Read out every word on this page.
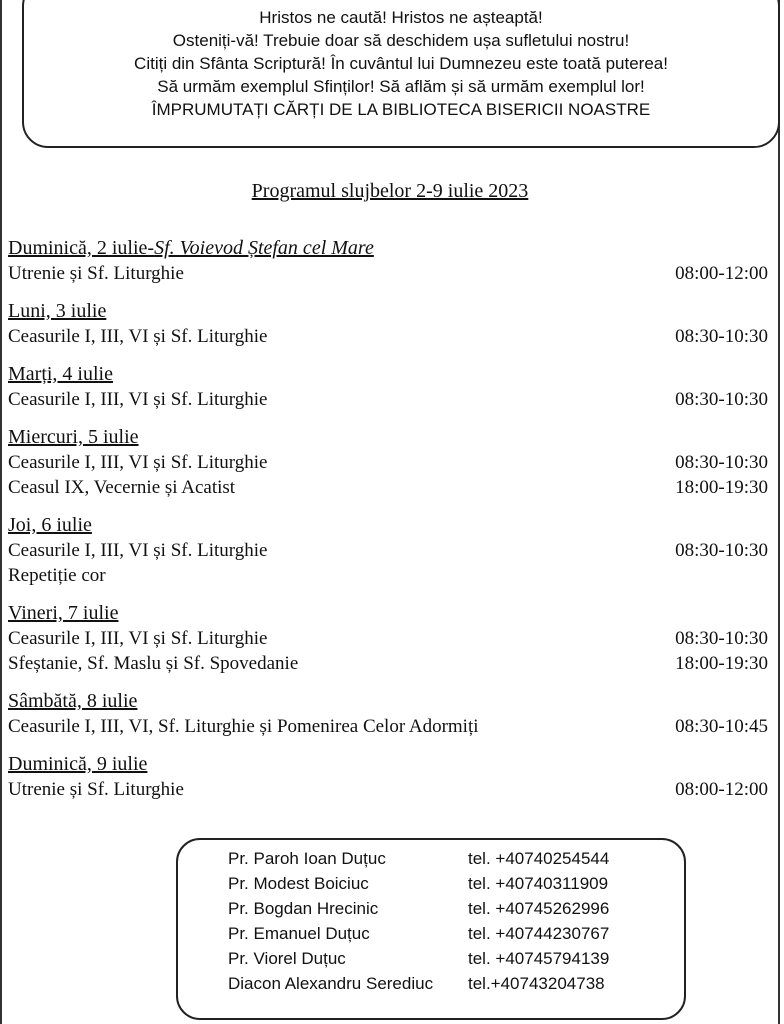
Hristos ne caută! Hristos ne așteaptă!
Osteniți-vă! Trebuie doar să deschidem ușa sufletului nostru!
Citiți din Sfânta Scriptură! În cuvântul lui Dumnezeu este toată puterea!
Să urmăm exemplul Sfinților! Să aflăm și să urmăm exemplul lor!
ÎMPRUMUTAȚI CĂRȚI DE LA BIBLIOTECA BISERICII NOASTRE
Programul slujbelor 2-9 iulie 2023
Duminică, 2 iulie-Sf. Voievod Ștefan cel Mare
Utrenie și Sf. Liturghie	08:00-12:00
Luni, 3 iulie
Ceasurile I, III, VI și Sf. Liturghie	08:30-10:30
Marți, 4 iulie
Ceasurile I, III, VI și Sf. Liturghie	08:30-10:30
Miercuri, 5 iulie
Ceasurile I, III, VI și Sf. Liturghie	08:30-10:30
Ceasul IX, Vecernie și Acatist	18:00-19:30
Joi, 6 iulie
Ceasurile I, III, VI și Sf. Liturghie	08:30-10:30
Repetiție cor
Vineri, 7 iulie
Ceasurile I, III, VI și Sf. Liturghie	08:30-10:30
Sfeștanie, Sf. Maslu și Sf. Spovedanie	18:00-19:30
Sâmbătă, 8 iulie
Ceasurile I, III, VI, Sf. Liturghie și Pomenirea Celor Adormiți	08:30-10:45
Duminică, 9 iulie
Utrenie și Sf. Liturghie	08:00-12:00
Pr. Paroh Ioan Duțuc	tel. +40740254544
Pr. Modest Boiciuc	tel. +40740311909
Pr. Bogdan Hrecinic	tel. +40745262996
Pr. Emanuel Duțuc	tel. +40744230767
Pr. Viorel Duțuc	tel. +40745794139
Diacon Alexandru Serediuc	tel.+40743204738
